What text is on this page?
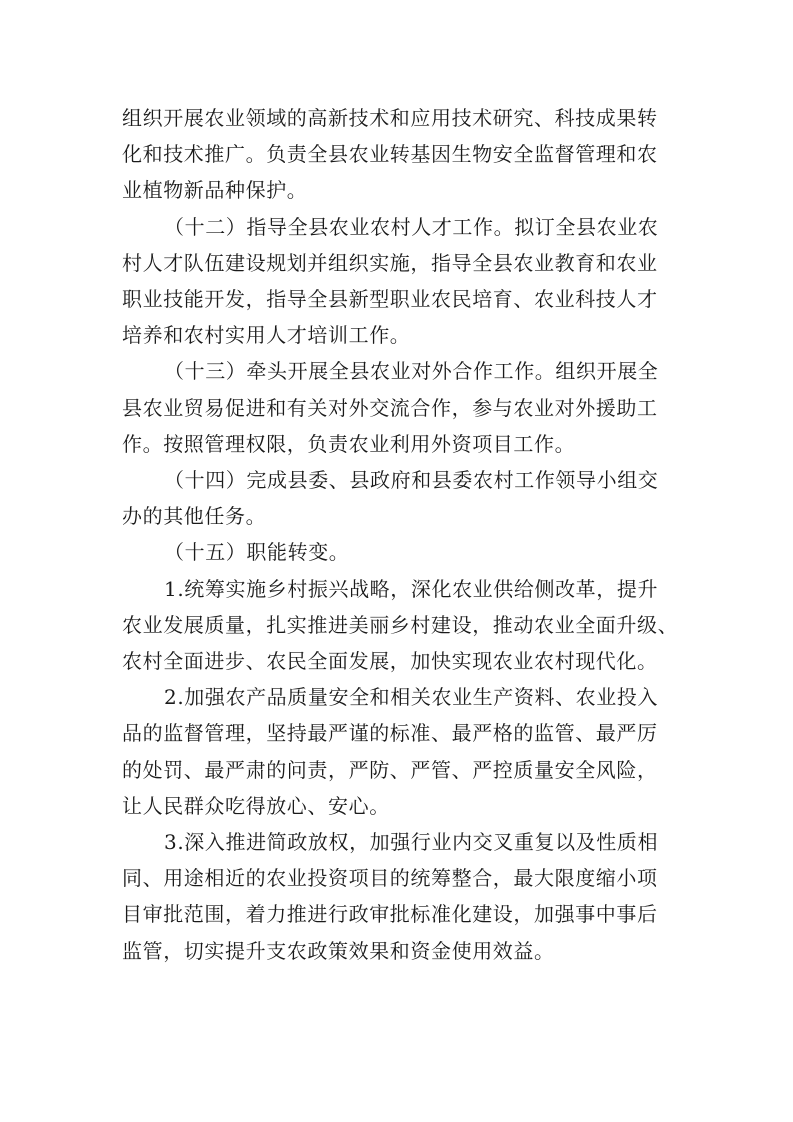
组织开展农业领域的高新技术和应用技术研究、科技成果转
化和技术推广。负责全县农业转基因生物安全监督管理和农
业植物新品种保护。

（十二）指导全县农业农村人才工作。拟订全县农业农
村人才队伍建设规划并组织实施，指导全县农业教育和农业
职业技能开发，指导全县新型职业农民培育、农业科技人才
培养和农村实用人才培训工作。

（十三）牵头开展全县农业对外合作工作。组织开展全
县农业贸易促进和有关对外交流合作，参与农业对外援助工
作。按照管理权限，负责农业利用外资项目工作。

（十四）完成县委、县政府和县委农村工作领导小组交
办的其他任务。

（十五）职能转变。

1.统筹实施乡村振兴战略，深化农业供给侧改革，提升
农业发展质量，扎实推进美丽乡村建设，推动农业全面升级、
农村全面进步、农民全面发展，加快实现农业农村现代化。

2.加强农产品质量安全和相关农业生产资料、农业投入
品的监督管理，坚持最严谨的标准、最严格的监管、最严厉
的处罚、最严肃的问责，严防、严管、严控质量安全风险，
让人民群众吃得放心、安心。

3.深入推进简政放权，加强行业内交叉重复以及性质相
同、用途相近的农业投资项目的统筹整合，最大限度缩小项
目审批范围，着力推进行政审批标准化建设，加强事中事后
监管，切实提升支农政策效果和资金使用效益。
